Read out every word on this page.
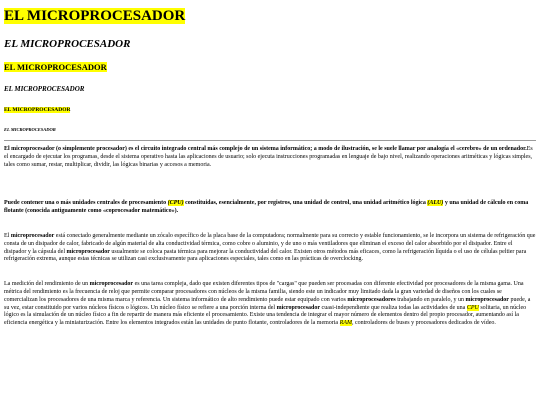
EL MICROPROCESADOR
EL MICROPROCESADOR
EL MICROPROCESADOR
EL MICROPROCESADOR
EL MICROPROCESADOR
EL MICROPROCESADOR

El microprocesador (o simplemente procesador) es el circuito integrado central más complejo de un sistema informático; a modo de ilustración, se le suele llamar por analogía el «cerebro» de un ordenador.Es el encargado de ejecutar los programas, desde el sistema operativo hasta las aplicaciones de usuario; solo ejecuta instrucciones programadas en lenguaje de bajo nivel, realizando operaciones aritméticas y lógicas simples, tales como sumar, restar, multiplicar, dividir, las lógicas binarias y accesos a memoria.

Puede contener una o más unidades centrales de procesamiento (CPU) constituidas, esencialmente, por registros, una unidad de control, una unidad aritmético lógica (ALU) y una unidad de cálculo en coma flotante (conocida antiguamente como «coprocesador matemático»).

El microprocesador está conectado generalmente mediante un zócalo específico de la placa base de la computadora; normalmente para su correcto y estable funcionamiento, se le incorpora un sistema de refrigeración que consta de un disipador de calor, fabricado de algún material de alta conductividad térmica, como cobre o aluminio, y de uno o más ventiladores que eliminan el exceso del calor absorbido por el disipador. Entre el disipador y la cápsula del microprocesador usualmente se coloca pasta térmica para mejorar la conductividad del calor. Existen otros métodos más eficaces, como la refrigeración líquida o el uso de células peltier para refrigeración extrema, aunque estas técnicas se utilizan casi exclusivamente para aplicaciones especiales, tales como en las prácticas de overclocking.

La medición del rendimiento de un microprocesador es una tarea compleja, dado que existen diferentes tipos de "cargas" que pueden ser procesadas con diferente efectividad por procesadores de la misma gama. Una métrica del rendimiento es la frecuencia de reloj que permite comparar procesadores con núcleos de la misma familia, siendo este un indicador muy limitado dada la gran variedad de diseños con los cuales se comercializan los procesadores de una misma marca y referencia. Un sistema informático de alto rendimiento puede estar equipado con varios microprocesadores trabajando en paralelo, y un microprocesador puede, a su vez, estar constituido por varios núcleos físicos o lógicos. Un núcleo físico se refiere a una porción interna del microprocesador cuasi-independiente que realiza todas las actividades de una CPU solitaria, un núcleo lógico es la simulación de un núcleo físico a fin de repartir de manera más eficiente el procesamiento. Existe una tendencia de integrar el mayor número de elementos dentro del propio procesador, aumentando así la eficiencia energética y la miniaturización. Entre los elementos integrados están las unidades de punto flotante, controladores de la memoria RAM, controladores de buses y procesadores dedicados de vídeo.
